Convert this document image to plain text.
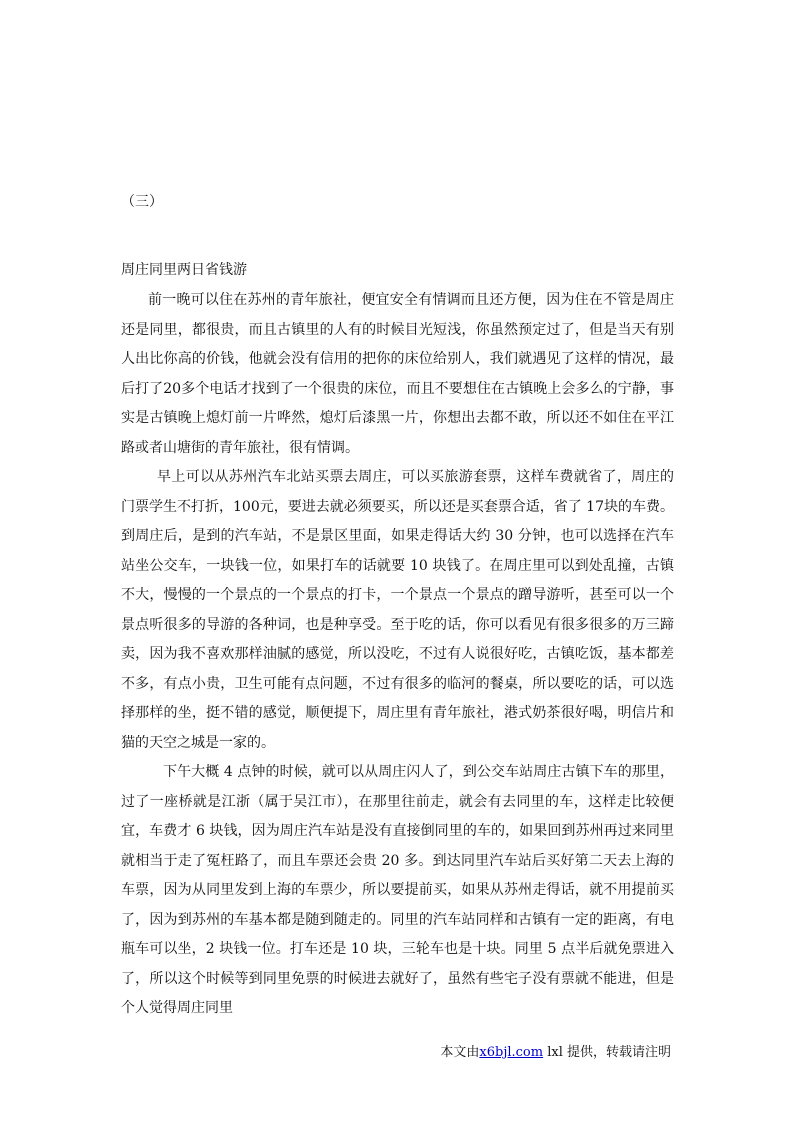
（三）
周庄同里两日省钱游

前一晚可以住在苏州的青年旅社，便宜安全有情调而且还方便，因为住在不管是周庄还是同里，都很贵，而且古镇里的人有的时候目光短浅，你虽然预定过了，但是当天有别人出比你高的价钱，他就会没有信用的把你的床位给别人，我们就遇见了这样的情况，最后打了20多个电话才找到了一个很贵的床位，而且不要想住在古镇晚上会多么的宁静，事实是古镇晚上熄灯前一片哗然，熄灯后漆黑一片，你想出去都不敢，所以还不如住在平江路或者山塘街的青年旅社，很有情调。

早上可以从苏州汽车北站买票去周庄，可以买旅游套票，这样车费就省了，周庄的门票学生不打折，100元，要进去就必须要买，所以还是买套票合适，省了 17块的车费。到周庄后，是到的汽车站，不是景区里面，如果走得话大约 30 分钟，也可以选择在汽车站坐公交车，一块钱一位，如果打车的话就要 10 块钱了。在周庄里可以到处乱撞，古镇不大，慢慢的一个景点的一个景点的打卡，一个景点一个景点的蹭导游听，甚至可以一个景点听很多的导游的各种词，也是种享受。至于吃的话，你可以看见有很多很多的万三蹄卖，因为我不喜欢那样油腻的感觉，所以没吃，不过有人说很好吃，古镇吃饭，基本都差不多，有点小贵，卫生可能有点问题，不过有很多的临河的餐桌，所以要吃的话，可以选择那样的坐，挺不错的感觉，顺便提下，周庄里有青年旅社，港式奶茶很好喝，明信片和猫的天空之城是一家的。

下午大概 4 点钟的时候，就可以从周庄闪人了，到公交车站周庄古镇下车的那里，过了一座桥就是江浙（属于吴江市），在那里往前走，就会有去同里的车，这样走比较便宜，车费才 6 块钱，因为周庄汽车站是没有直接倒同里的车的，如果回到苏州再过来同里就相当于走了冤枉路了，而且车票还会贵 20 多。到达同里汽车站后买好第二天去上海的车票，因为从同里发到上海的车票少，所以要提前买，如果从苏州走得话，就不用提前买了，因为到苏州的车基本都是随到随走的。同里的汽车站同样和古镇有一定的距离，有电瓶车可以坐，2 块钱一位。打车还是 10 块，三轮车也是十块。同里 5 点半后就免票进入了，所以这个时候等到同里免票的时候进去就好了，虽然有些宅子没有票就不能进，但是个人觉得周庄同里

本文由x6bjl.com lxl 提供，转载请注明
